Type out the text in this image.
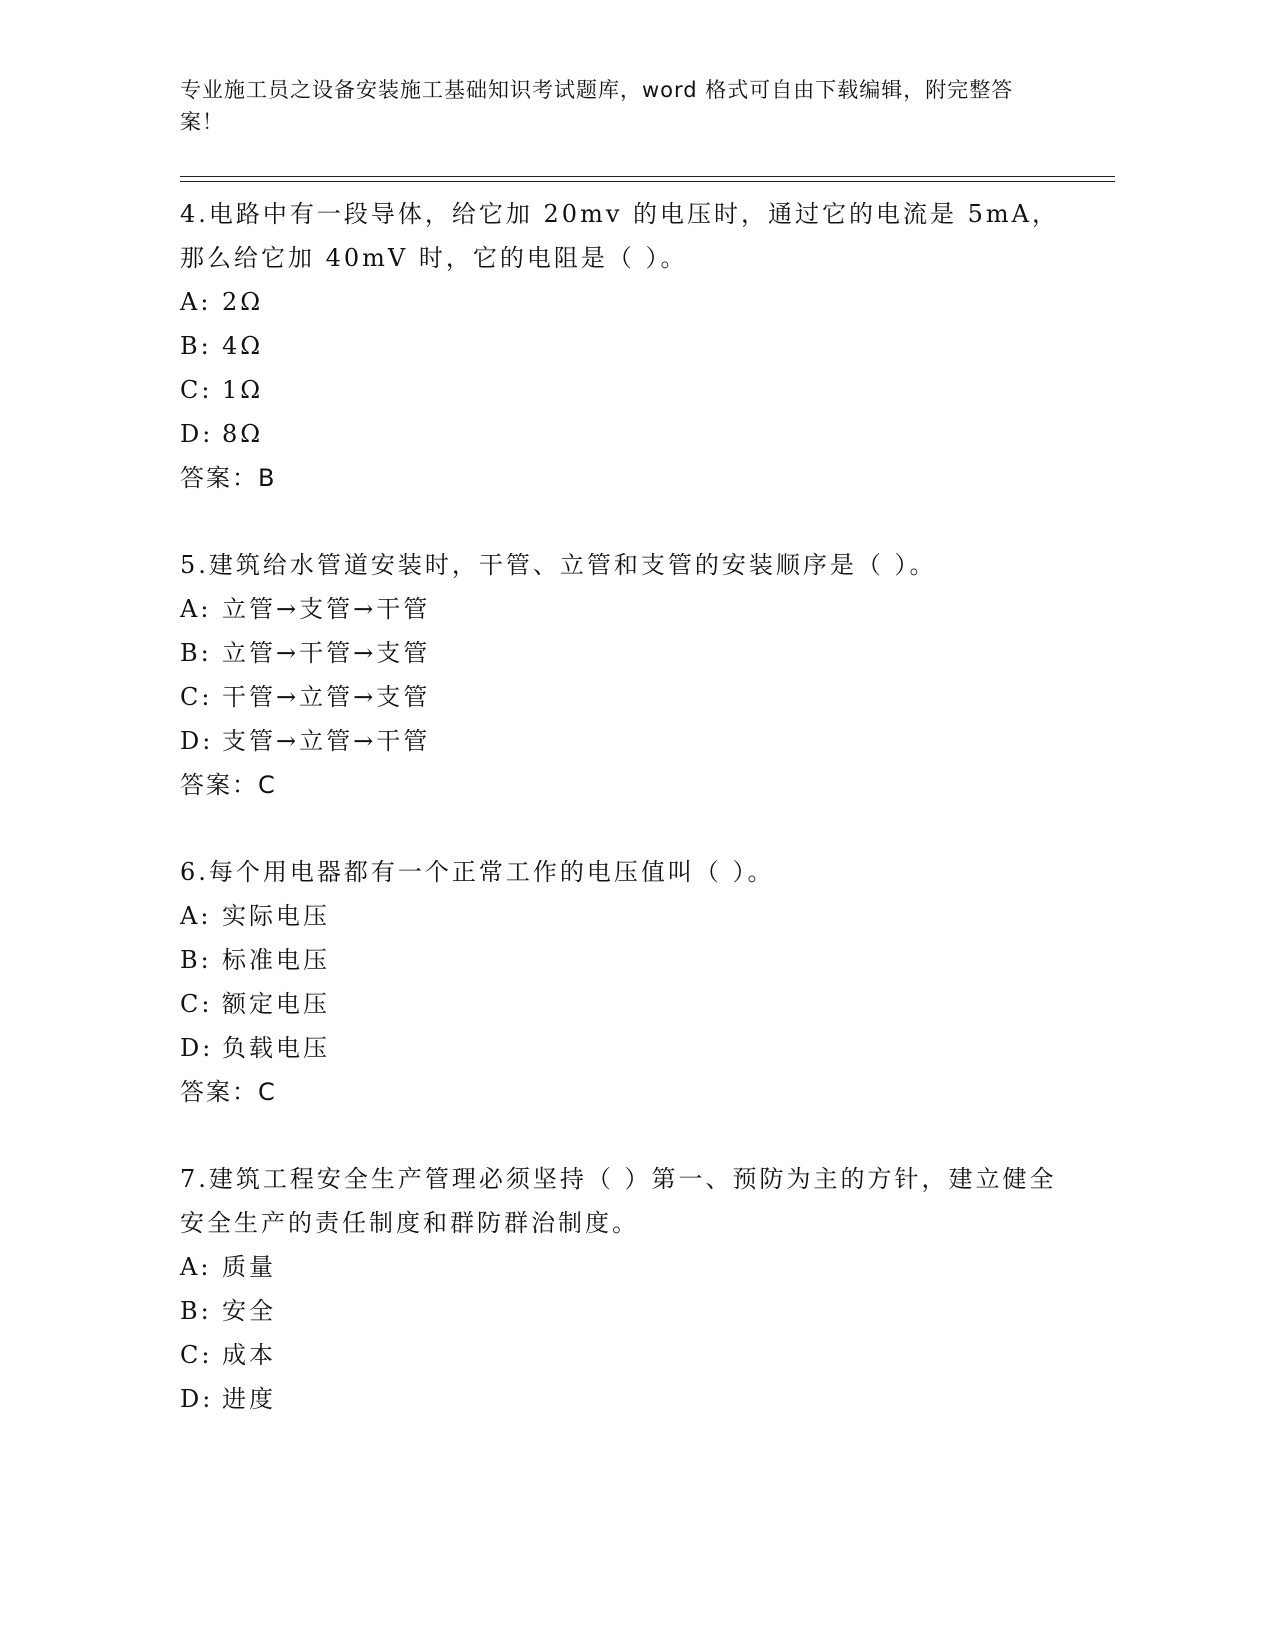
专业施工员之设备安装施工基础知识考试题库，word 格式可自由下载编辑，附完整答案！

4.电路中有一段导体，给它加 20mv 的电压时，通过它的电流是 5mA，那么给它加 40mV 时，它的电阻是（ ）。

A: 2Ω

B: 4Ω

C: 1Ω

D: 8Ω

答案：B

5.建筑给水管道安装时，干管、立管和支管的安装顺序是（ ）。

A: 立管→支管→干管

B: 立管→干管→支管

C: 干管→立管→支管

D: 支管→立管→干管

答案：C

6.每个用电器都有一个正常工作的电压值叫（ ）。

A: 实际电压

B: 标准电压

C: 额定电压

D: 负载电压

答案：C

7.建筑工程安全生产管理必须坚持（ ）第一、预防为主的方针，建立健全安全生产的责任制度和群防群治制度。

A: 质量

B: 安全

C: 成本

D: 进度
